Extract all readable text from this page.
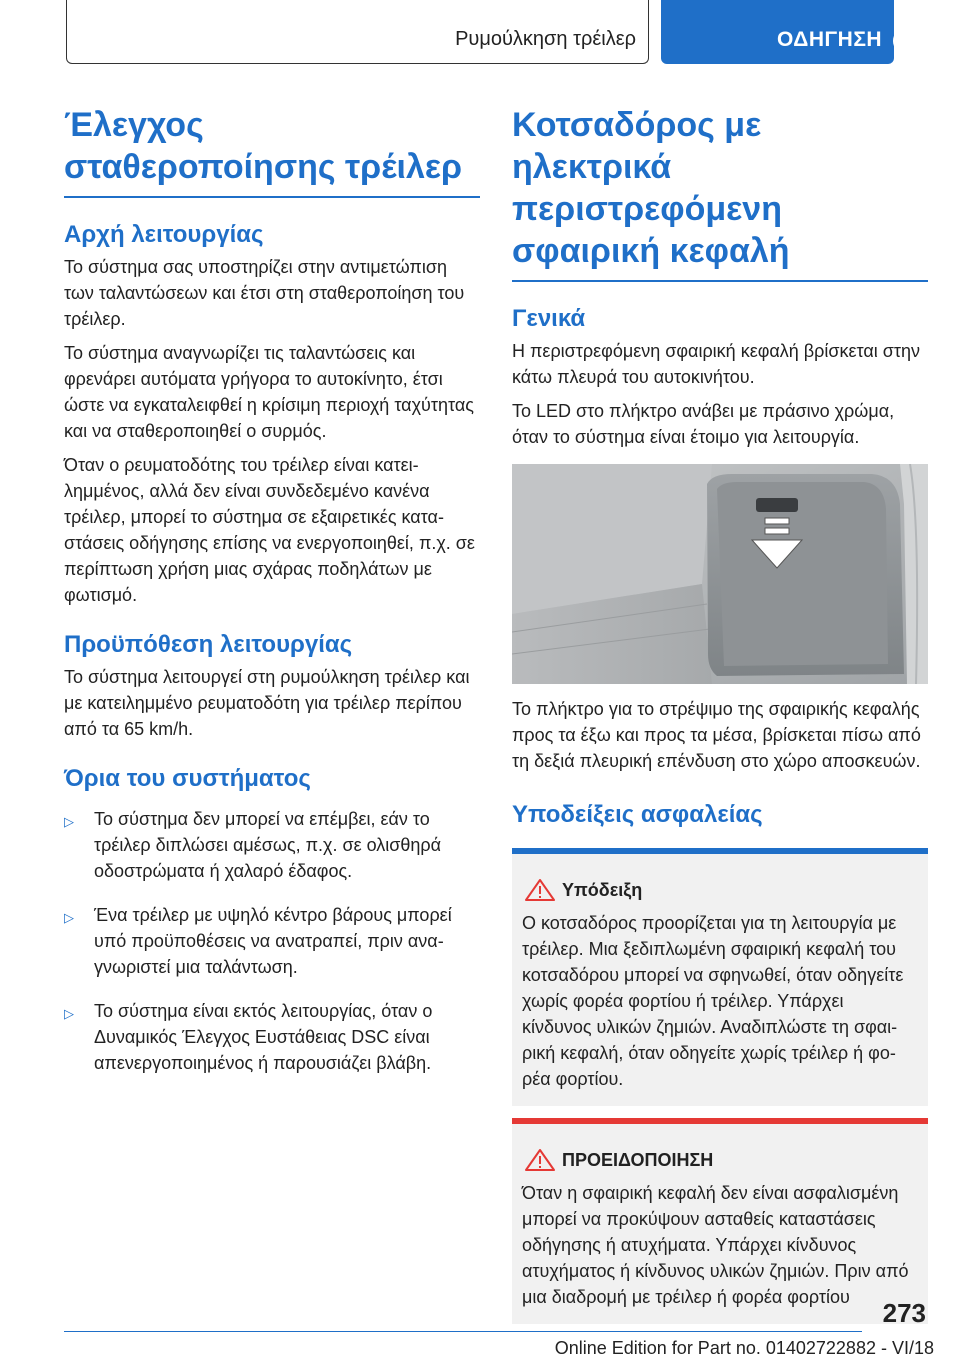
Ρυμούλκηση τρέιλερ	ΟΔΗΓΗΣΗ i
Έλεγχος σταθεροποίησης τρέιλερ
Αρχή λειτουργίας

Το σύστημα σας υποστηρίζει στην αντιμετώπιση των ταλαντώσεων και έτσι στη σταθεροποίηση του τρέιλερ.

Το σύστημα αναγνωρίζει τις ταλαντώσεις και φρενάρει αυτόματα γρήγορα το αυτοκίνητο, έτσι ώστε να εγκαταλειφθεί η κρίσιμη περιοχή ταχύτητας και να σταθεροποιηθεί ο συρμός.

Όταν ο ρευματοδότης του τρέιλερ είναι κατειλημμένος, αλλά δεν είναι συνδεδεμένο κανένα τρέιλερ, μπορεί το σύστημα σε εξαιρετικές καταστάσεις οδήγησης επίσης να ενεργοποιηθεί, π.χ. σε περίπτωση χρήση μιας σχάρας ποδηλάτων με φωτισμό.

Προϋπόθεση λειτουργίας

Το σύστημα λειτουργεί στη ρυμούλκηση τρέιλερ και με κατειλημμένο ρευματοδότη για τρέιλερ περίπου από τα 65 km/h.

Όρια του συστήματος
▷	Το σύστημα δεν μπορεί να επέμβει, εάν το τρέιλερ διπλώσει αμέσως, π.χ. σε ολισθηρά οδοστρώματα ή χαλαρό έδαφος.
▷	Ένα τρέιλερ με υψηλό κέντρο βάρους μπορεί υπό προϋποθέσεις να ανατραπεί, πριν αναγνωριστεί μια ταλάντωση.
▷	Το σύστημα είναι εκτός λειτουργίας, όταν ο Δυναμικός Έλεγχος Ευστάθειας DSC είναι απενεργοποιημένος ή παρουσιάζει βλάβη.
Κοτσαδόρος με ηλεκτρικά περιστρεφόμενη σφαιρική κεφαλή
Γενικά

Η περιστρεφόμενη σφαιρική κεφαλή βρίσκεται στην κάτω πλευρά του αυτοκινήτου.

Το LED στο πλήκτρο ανάβει με πράσινο χρώμα, όταν το σύστημα είναι έτοιμο για λειτουργία.

Το πλήκτρο για το στρέψιμο της σφαιρικής κεφαλής προς τα έξω και προς τα μέσα, βρίσκεται πίσω από τη δεξιά πλευρική επένδυση στο χώρο αποσκευών.

Υποδείξεις ασφαλείας
Υπόδειξη

Ο κοτσαδόρος προορίζεται για τη λειτουργία με τρέιλερ. Μια ξεδιπλωμένη σφαιρική κεφαλή του κοτσαδόρου μπορεί να σφηνωθεί, όταν οδηγείτε χωρίς φορέα φορτίου ή τρέιλερ. Υπάρχει κίνδυνος υλικών ζημιών. Αναδιπλώστε τη σφαιρική κεφαλή, όταν οδηγείτε χωρίς τρέιλερ ή φορέα φορτίου.

ΠΡΟΕΙΔΟΠΟΙΗΣΗ

Όταν η σφαιρική κεφαλή δεν είναι ασφαλισμένη μπορεί να προκύψουν ασταθείς καταστάσεις οδήγησης ή ατυχήματα. Υπάρχει κίνδυνος ατυχήματος ή κίνδυνος υλικών ζημιών. Πριν από μια διαδρομή με τρέιλερ ή φορέα φορτίου

273
Online Edition for Part no. 01402722882 - VI/18
